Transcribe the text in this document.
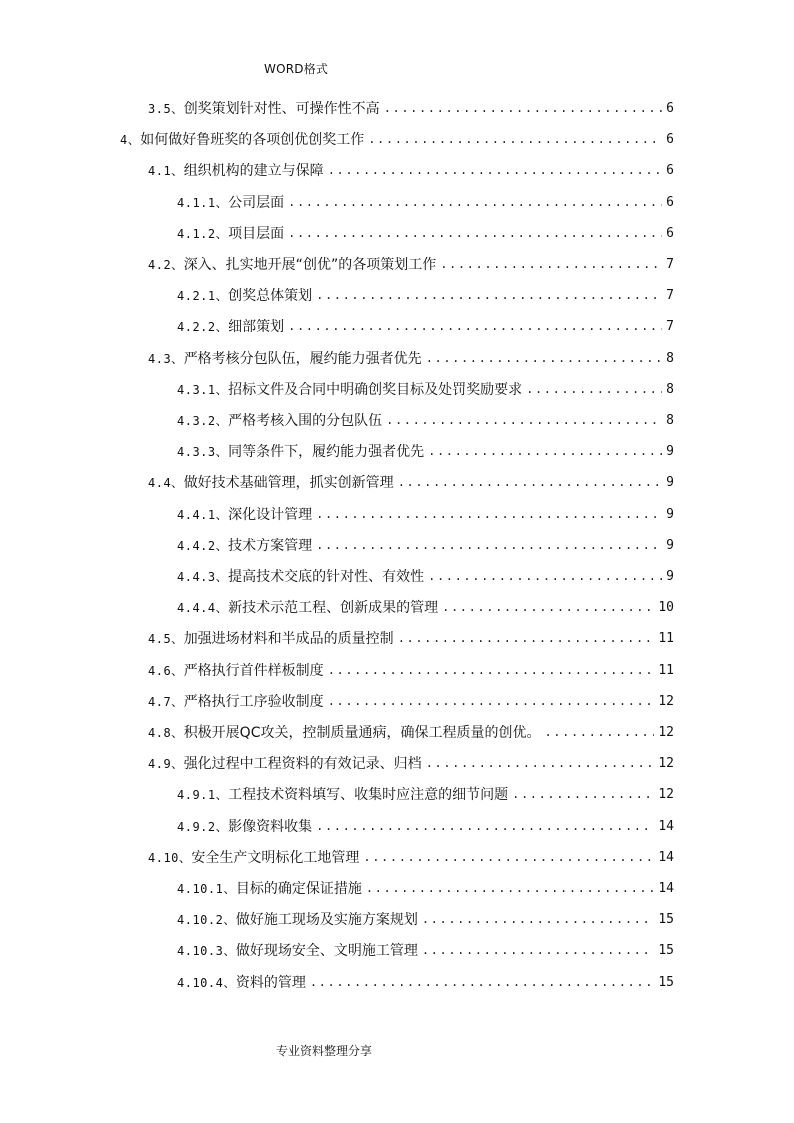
WORD格式
3.5、 创奖策划针对性、可操作性不高 .....	6
4、 如何做好鲁班奖的各项创优创奖工作 .....	6
4.1、 组织机构的建立与保障 .....	6
4.1.1、 公司层面 .....	6
4.1.2、 项目层面 .....	6
4.2、 深入、扎实地开展“创优”的各项策划工作 .....	7
4.2.1、 创奖总体策划 .....	7
4.2.2、 细部策划 .....	7
4.3、 严格考核分包队伍，履约能力强者优先 .....	8
4.3.1、 招标文件及合同中明确创奖目标及处罚奖励要求 .....	8
4.3.2、 严格考核入围的分包队伍 .....	8
4.3.3、 同等条件下，履约能力强者优先 .....	9
4.4、 做好技术基础管理，抓实创新管理 .....	9
4.4.1、 深化设计管理 .....	9
4.4.2、 技术方案管理 .....	9
4.4.3、 提高技术交底的针对性、有效性 .....	9
4.4.4、 新技术示范工程、创新成果的管理 .....	10
4.5、 加强进场材料和半成品的质量控制 .....	11
4.6、 严格执行首件样板制度 .....	11
4.7、 严格执行工序验收制度 .....	12
4.8、 积极开展QC攻关，控制质量通病，确保工程质量的创优。 .....	12
4.9、 强化过程中工程资料的有效记录、归档 .....	12
4.9.1、 工程技术资料填写、收集时应注意的细节问题 .....	12
4.9.2、 影像资料收集 .....	14
4.10、 安全生产文明标化工地管理 .....	14
4.10.1、 目标的确定保证措施 .....	14
4.10.2、 做好施工现场及实施方案规划 .....	15
4.10.3、 做好现场安全、文明施工管理 .....	15
4.10.4、 资料的管理 .....	15
专业资料整理分享
